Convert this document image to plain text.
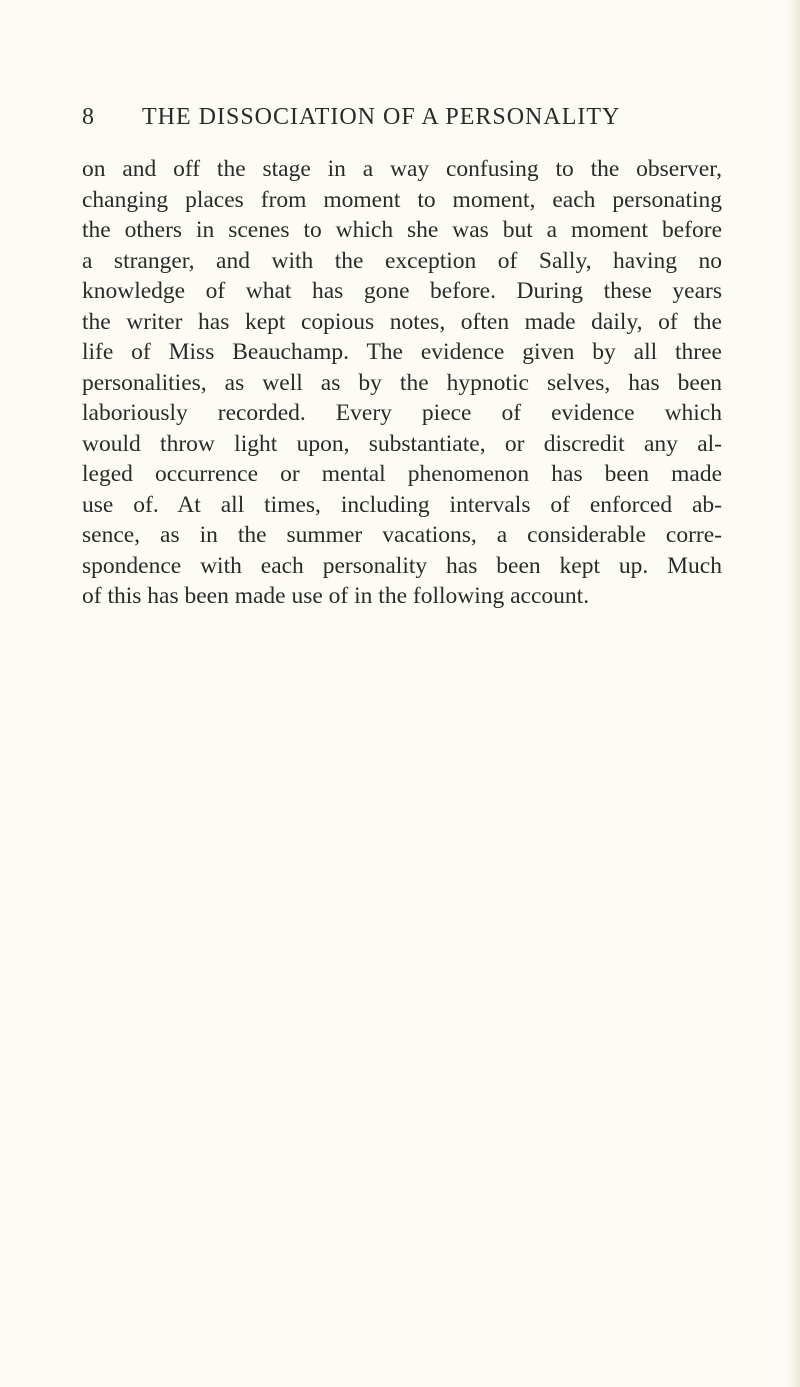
8 THE DISSOCIATION OF A PERSONALITY
on and off the stage in a way confusing to the observer,
changing places from moment to moment, each personating
the others in scenes to which she was but a moment before
a stranger, and with the exception of Sally, having no
knowledge of what has gone before. During these years
the writer has kept copious notes, often made daily, of the
life of Miss Beauchamp. The evidence given by all three
personalities, as well as by the hypnotic selves, has been
laboriously recorded. Every piece of evidence which
would throw light upon, substantiate, or discredit any al-
leged occurrence or mental phenomenon has been made
use of. At all times, including intervals of enforced ab-
sence, as in the summer vacations, a considerable corre-
spondence with each personality has been kept up. Much
of this has been made use of in the following account.
